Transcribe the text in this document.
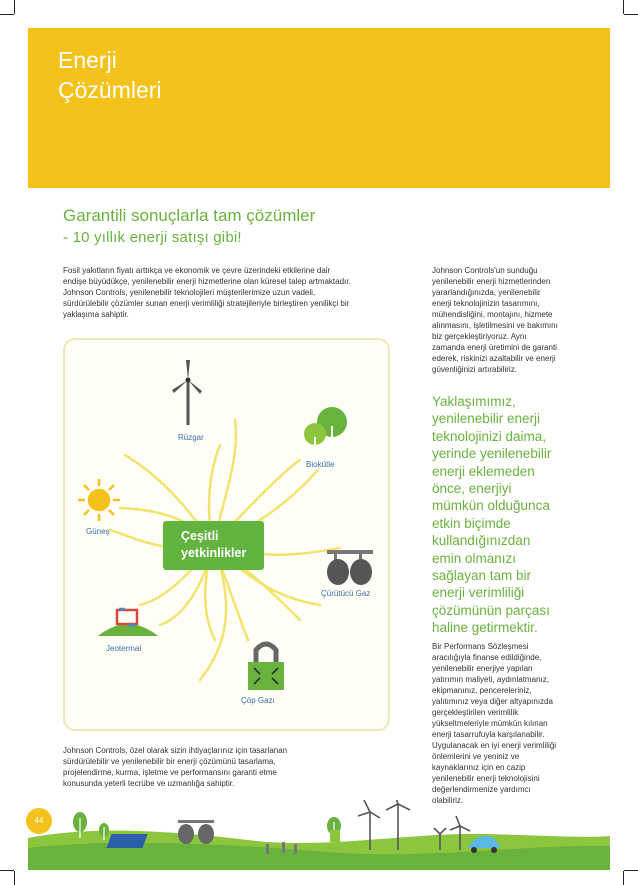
Enerji
Çözümleri
Garantili sonuçlarla tam çözümler
- 10 yıllık enerji satışı gibi!
Fosil yakıtların fiyatı arttıkça ve ekonomik ve çevre üzerindeki etkilerine dair
endişe büyüdükçe, yenilenebilir enerji hizmetlerine olan küresel talep artmaktadır.
Johnson Controls, yenilenebilir teknolojileri müşterilerimize uzun vadeli,
sürdürülebilir çözümler sunan enerji verimliliği stratejileriyle birleştiren yenilikçi bir
yaklaşıma sahiptir.
Johnson Controls'un sunduğu
yenilenebilir enerji hizmetlerinden
yararlandığınızda, yenilenebilir
enerji teknolojinizin tasarımını,
mühendisliğini, montajını, hizmete
alınmasını, işletilmesini ve bakımını
biz gerçekleştiriyoruz. Aynı
zamanda enerji üretimini de garanti
ederek, riskinizi azaltabilir ve enerji
güvenliğinizi artırabiliriz.
Yaklaşımımız,
yenilenebilir enerji
teknolojinizi daima,
yerinde yenilenebilir
enerji eklemeden
önce, enerjiyi
mümkün olduğunca
etkin biçimde
kullandığınızdan
emin olmanızı
sağlayan tam bir
enerji verimliliği
çözümünün parçası
haline getirmektir.
Bir Performans Sözleşmesi
aracılığıyla finanse edildiğinde,
yenilenebilir enerjiye yapılan
yatırımın maliyeti, aydınlatmanız,
ekipmanınız, pencereleriniz,
yalıtımınız veya diğer altyapınızda
gerçekleştirilen verimlilik
yükseltmeleriyle mümkün kılınan
enerji tasarrufuyla karşılanabilir.
Uygulanacak en iyi enerji verimliliği
önlemlerini ve yeniniz ve
kaynaklarınız için en cazip
yenilenebilir enerji teknolojisini
değerlendirmenize yardımcı
olabiliriz.
Rüzgar
Biokütle
Güneş
Çürütücü Gaz
Jeotermal
Çöp Gazı
Çeşitli
yetkinlikler
Johnson Controls, özel olarak sizin ihtiyaçlarınız için tasarlanan
sürdürülebilir ve yenilenebilir bir enerji çözümünü tasarlama,
projelendirme, kurma, işletme ve performansını garanti etme
konusunda yeterli tecrübe ve uzmanlığa sahiptir.
44
